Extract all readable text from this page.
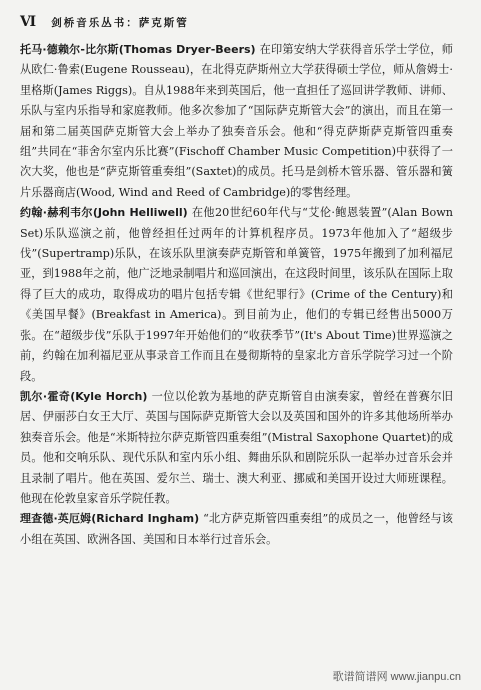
Ⅵ 剑桥音乐丛书：萨克斯管

托马·德赖尔-比尔斯(Thomas Dryer-Beers) 在印第安纳大学获得音乐学士学位，师从欧仁·鲁索(Eugene Rousseau)，在北得克萨斯州立大学获得硕士学位，师从詹姆士·里格斯(James Riggs)。自从1988年来到英国后，他一直担任了巡回讲学教师、讲师、乐队与室内乐指导和家庭教师。他多次参加了“国际萨克斯管大会”的演出，而且在第一届和第二届英国萨克斯管大会上举办了独奏音乐会。他和“得克萨斯萨克斯管四重奏组”共同在“菲舍尔室内乐比赛”(Fischoff Chamber Music Competition)中获得了一次大奖，他也是“萨克斯管重奏组”(Saxtet)的成员。托马是剑桥木管乐器、管乐器和簧片乐器商店(Wood, Wind and Reed of Cambridge)的零售经理。

约翰·赫利韦尔(John Helliwell) 在他20世纪60年代与“艾伦·鲍恩装置”(Alan Bown Set)乐队巡演之前，他曾经担任过两年的计算机程序员。1973年他加入了“超级步伐”(Supertramp)乐队，在该乐队里演奏萨克斯管和单簧管，1975年搬到了加利福尼亚，到1988年之前，他广泛地录制唱片和巡回演出，在这段时间里，该乐队在国际上取得了巨大的成功，取得成功的唱片包括专辑《世纪罪行》(Crime of the Century)和《美国早餐》(Breakfast in America)。到目前为止，他们的专辑已经售出5000万张。在“超级步伐”乐队于1997年开始他们的“收获季节”(It's About Time)世界巡演之前，约翰在加利福尼亚从事录音工作而且在曼彻斯特的皇家北方音乐学院学习过一个阶段。

凯尔·霍奇(Kyle Horch) 一位以伦敦为基地的萨克斯管自由演奏家，曾经在普赛尔旧居、伊丽莎白女王大厅、英国与国际萨克斯管大会以及英国和国外的许多其他场所举办独奏音乐会。他是“米斯特拉尔萨克斯管四重奏组”(Mistral Saxophone Quartet)的成员。他和交响乐队、现代乐队和室内乐小组、舞曲乐队和剧院乐队一起举办过音乐会并且录制了唱片。他在英国、爱尔兰、瑞士、澳大利亚、挪威和美国开设过大师班课程。他现在伦敦皇家音乐学院任教。

理查德·英厄姆(Richard Ingham) “北方萨克斯管四重奏组”的成员之一，他曾经与该小组在英国、欧洲各国、美国和日本举行过音乐会。

歌谱简谱网 www.jianpu.cn
